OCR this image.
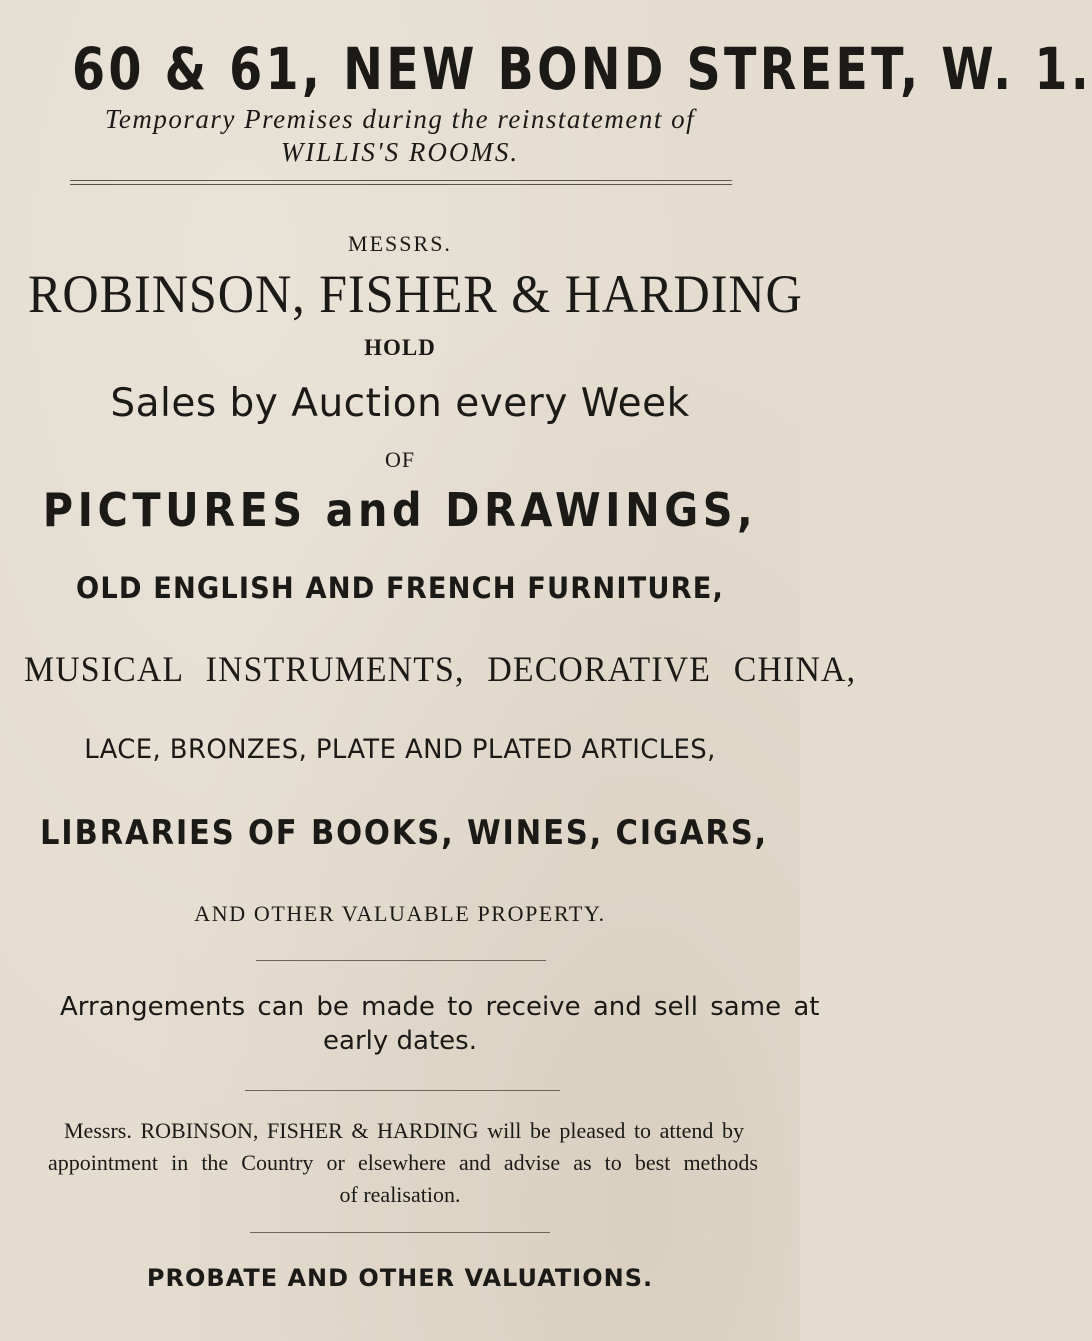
60 & 61, NEW BOND STREET, W. 1.
Temporary Premises during the reinstatement of
WILLIS'S ROOMS.
MESSRS.
ROBINSON, FISHER & HARDING
HOLD
Sales by Auction every Week
OF
PICTURES and DRAWINGS,
OLD ENGLISH AND FRENCH FURNITURE,
MUSICAL INSTRUMENTS, DECORATIVE CHINA,
LACE, BRONZES, PLATE AND PLATED ARTICLES,
LIBRARIES OF BOOKS, WINES, CIGARS,
AND OTHER VALUABLE PROPERTY.
Arrangements can be made to receive and sell same at
early dates.
Messrs. ROBINSON, FISHER & HARDING will be pleased to attend by
appointment in the Country or elsewhere and advise as to best methods
of realisation.
PROBATE AND OTHER VALUATIONS.
